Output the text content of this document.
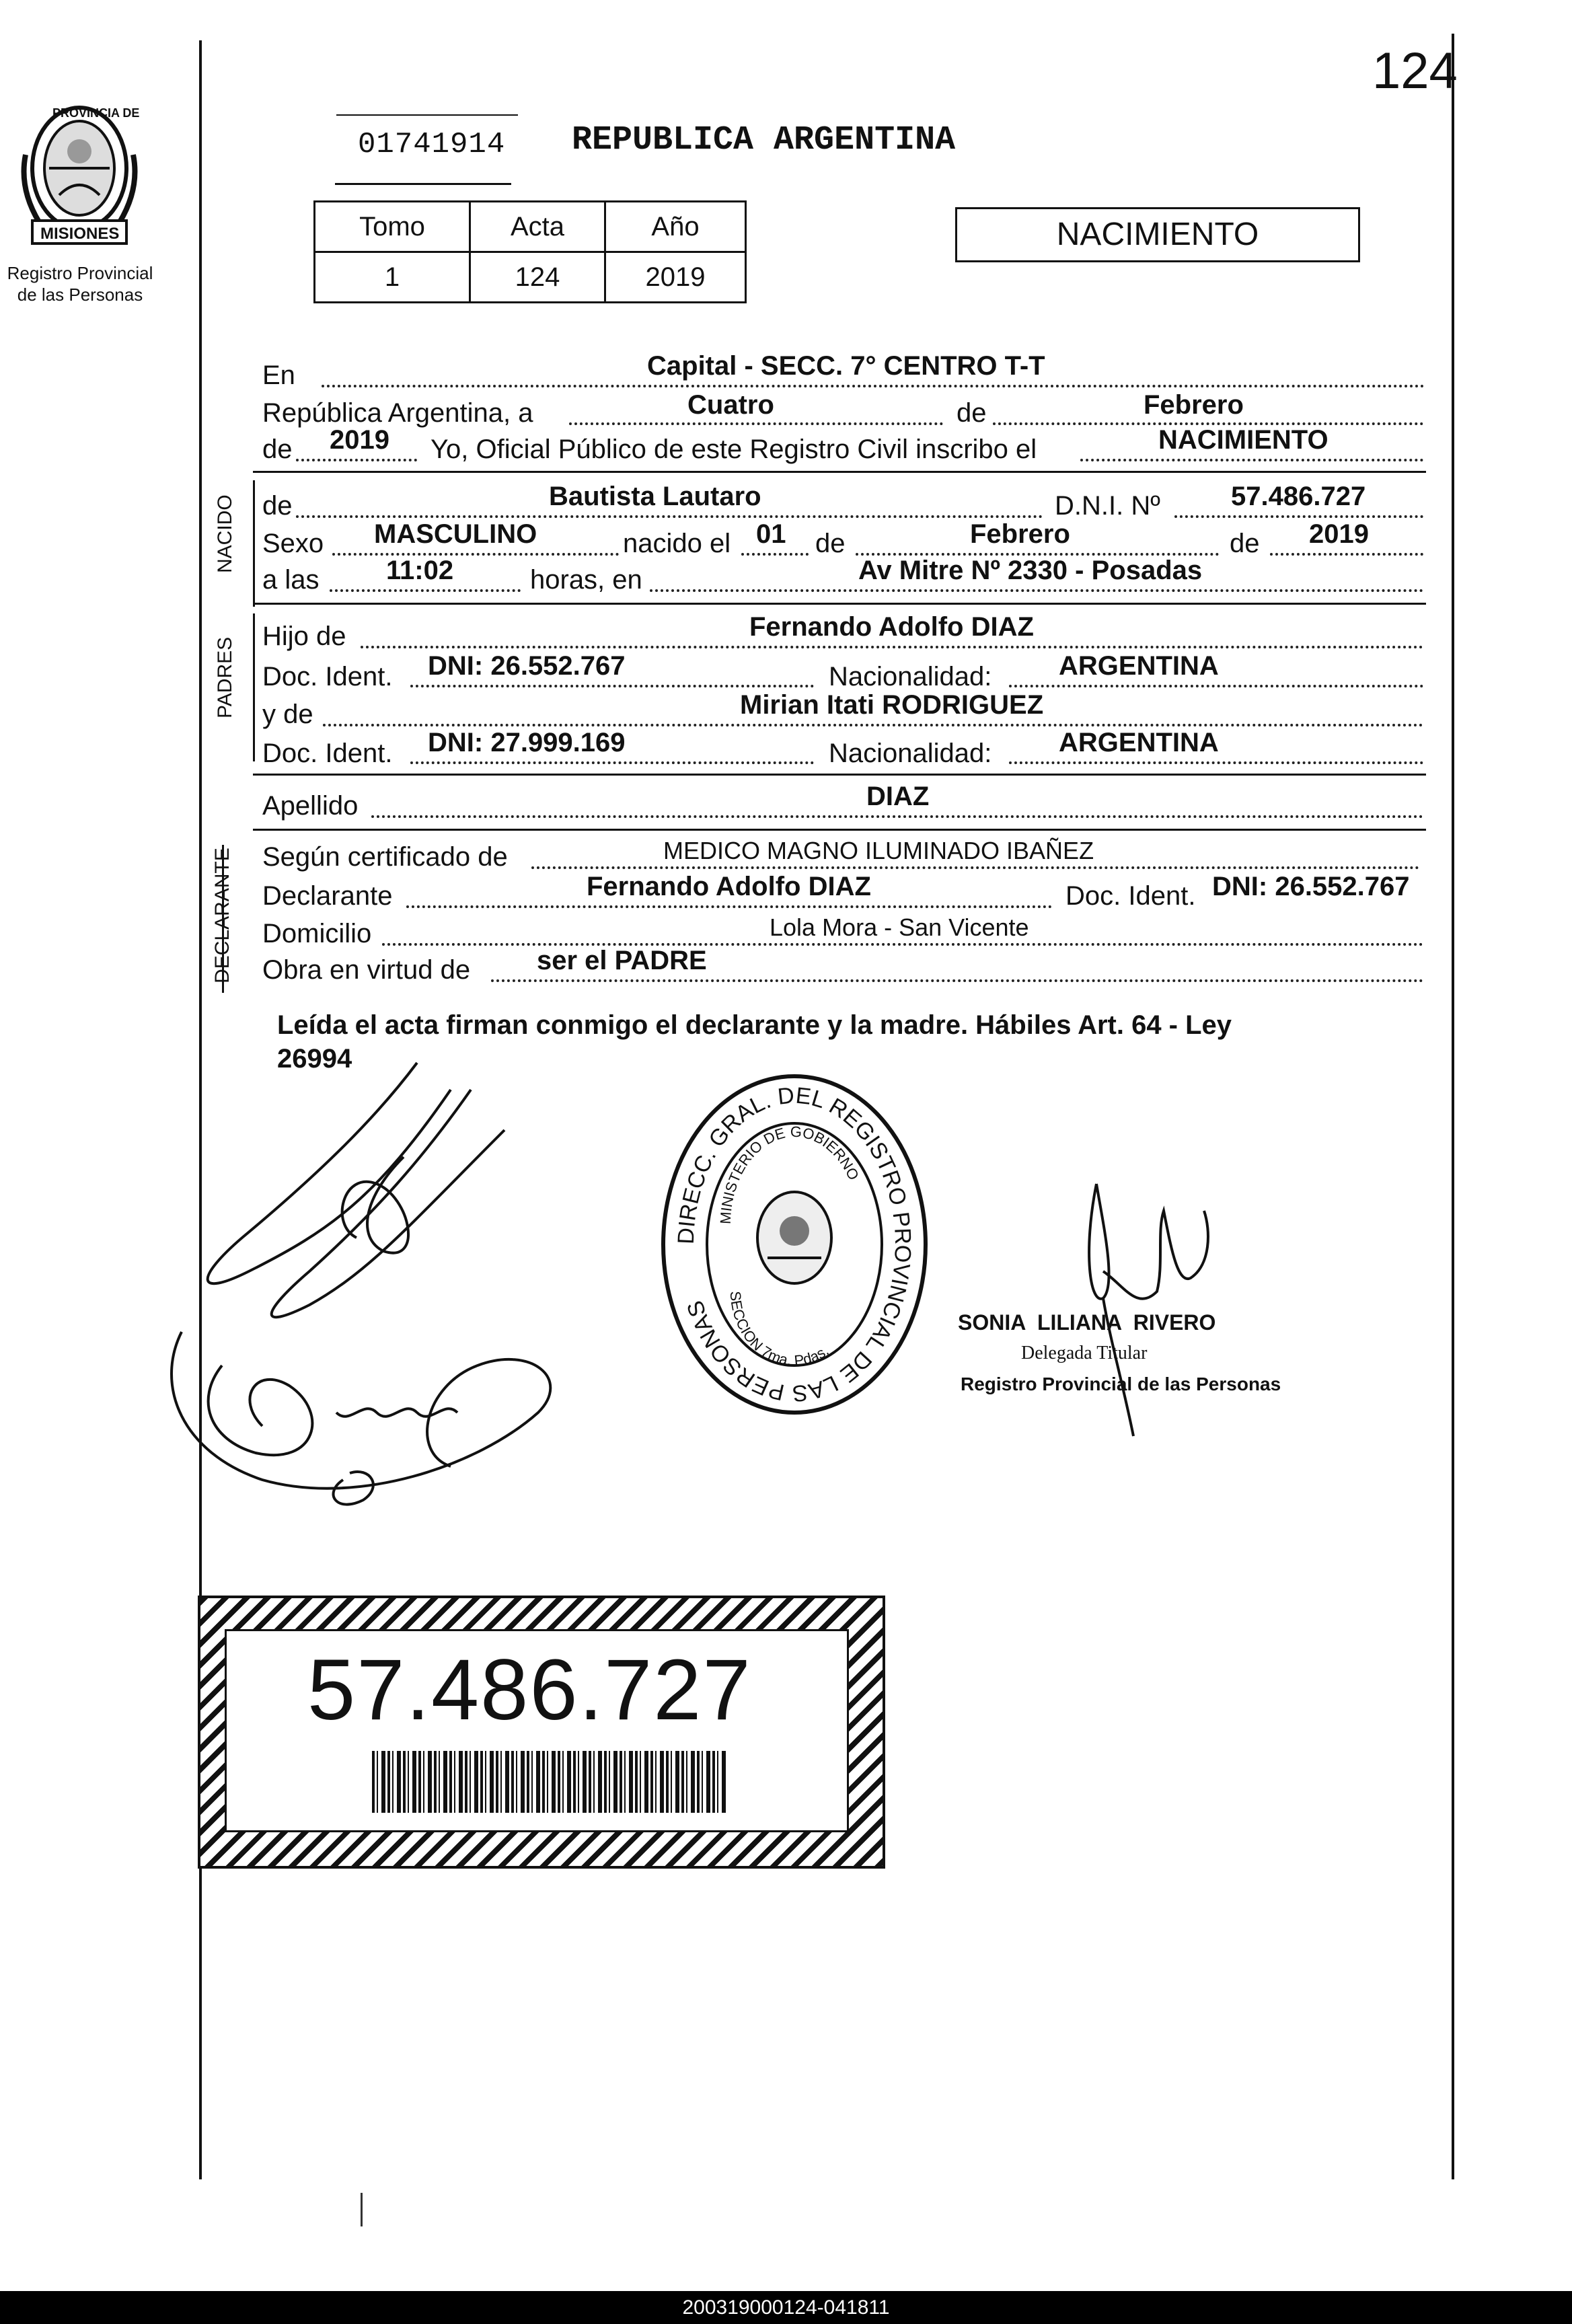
124
PROVINCIA DE
MISIONES
Registro Provincial
de las Personas
01741914 REPUBLICA ARGENTINA
Tomo	Acta	Año
1	124	2019
NACIMIENTO
En	Capital - SECC. 7° CENTRO T-T
República Argentina, a	Cuatro	de	Febrero
de 2019 Yo, Oficial Público de este Registro Civil inscribo el	NACIMIENTO
NACIDO de	Bautista Lautaro	D.N.I. Nº	57.486.727
Sexo MASCULINO	nacido el 01 de	Febrero	de 2019
a las 11:02	horas, en	Av Mitre Nº 2330 - Posadas
PADRES
Hijo de	Fernando Adolfo DIAZ
Doc. Ident. DNI: 26.552.767	Nacionalidad: ARGENTINA
y de	Mirian Itati RODRIGUEZ
Doc. Ident. DNI: 27.999.169	Nacionalidad: ARGENTINA
Apellido	DIAZ
DECLARANTE Según certificado de	MEDICO MAGNO ILUMINADO IBAÑEZ
Declarante	Fernando Adolfo DIAZ	Doc. Ident. DNI: 26.552.767
Domicilio	Lola Mora - San Vicente
Obra en virtud de ser el PADRE
Leída el acta firman conmigo el declarante y la madre. Hábiles Art. 64 - Ley
26994
DIRECC. GRAL. DEL REGISTRO PROVINCIAL DE LAS PERSONAS
MINISTERIO DE GOBIERNO
SECCION 7ma. Pdas.
SONIA  LILIANA  RIVERO
Delegada Titular
Registro Provincial de las Personas
57.486.727
200319000124-041811
